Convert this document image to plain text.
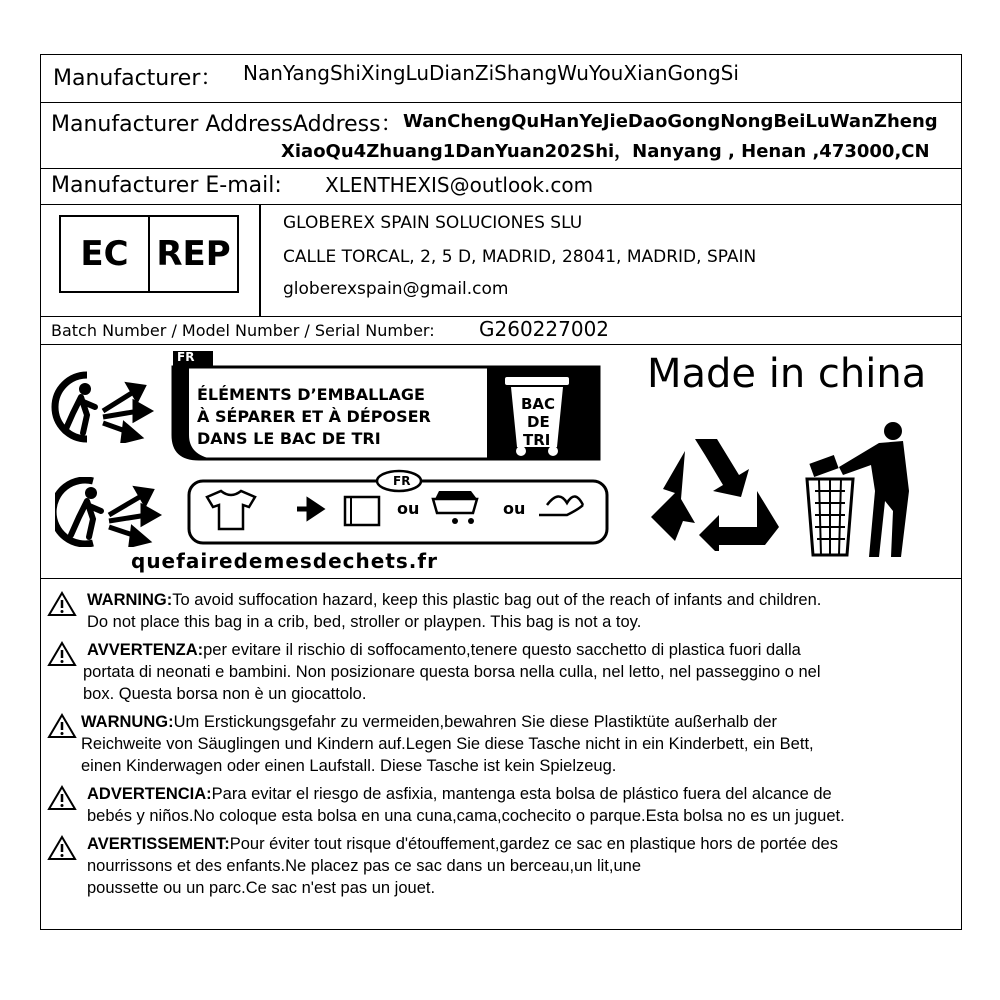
Manufacturer： NanYangShiXingLuDianZiShangWuYouXianGongSi
Manufacturer AddressAddress： WanChengQuHanYeJieDaoGongNongBeiLuWanZheng
XiaoQu4Zhuang1DanYuan202Shi，Nanyang , Henan ,473000,CN
Manufacturer E-mail: XLENTHEXIS@outlook.com
EC REP
GLOBEREX SPAIN SOLUCIONES SLU
CALLE TORCAL, 2, 5 D, MADRID, 28041, MADRID, SPAIN
globerexspain@gmail.com
Batch Number / Model Number / Serial Number: G260227002
FR
ÉLÉMENTS D’EMBALLAGE
À SÉPARER ET À DÉPOSER
DANS LE BAC DE TRI
BAC
DE
TRI
Made in china
FR
ou	ou
quefairedemesdechets.fr
WARNING:To avoid suffocation hazard, keep this plastic bag out of the reach of infants and children.
Do not place this bag in a crib, bed, stroller or playpen. This bag is not a toy.
AVVERTENZA:per evitare il rischio di soffocamento,tenere questo sacchetto di plastica fuori dalla
portata di neonati e bambini. Non posizionare questa borsa nella culla, nel letto, nel passeggino o nel
box. Questa borsa non è un giocattolo.
WARNUNG:Um Erstickungsgefahr zu vermeiden,bewahren Sie diese Plastiktüte außerhalb der
Reichweite von Säuglingen und Kindern auf.Legen Sie diese Tasche nicht in ein Kinderbett, ein Bett,
einen Kinderwagen oder einen Laufstall. Diese Tasche ist kein Spielzeug.
ADVERTENCIA:Para evitar el riesgo de asfixia, mantenga esta bolsa de plástico fuera del alcance de
bebés y niños.No coloque esta bolsa en una cuna,cama,cochecito o parque.Esta bolsa no es un juguet.
AVERTISSEMENT:Pour éviter tout risque d'étouffement,gardez ce sac en plastique hors de portée des
nourrissons et des enfants.Ne placez pas ce sac dans un berceau,un lit,une
poussette ou un parc.Ce sac n'est pas un jouet.
